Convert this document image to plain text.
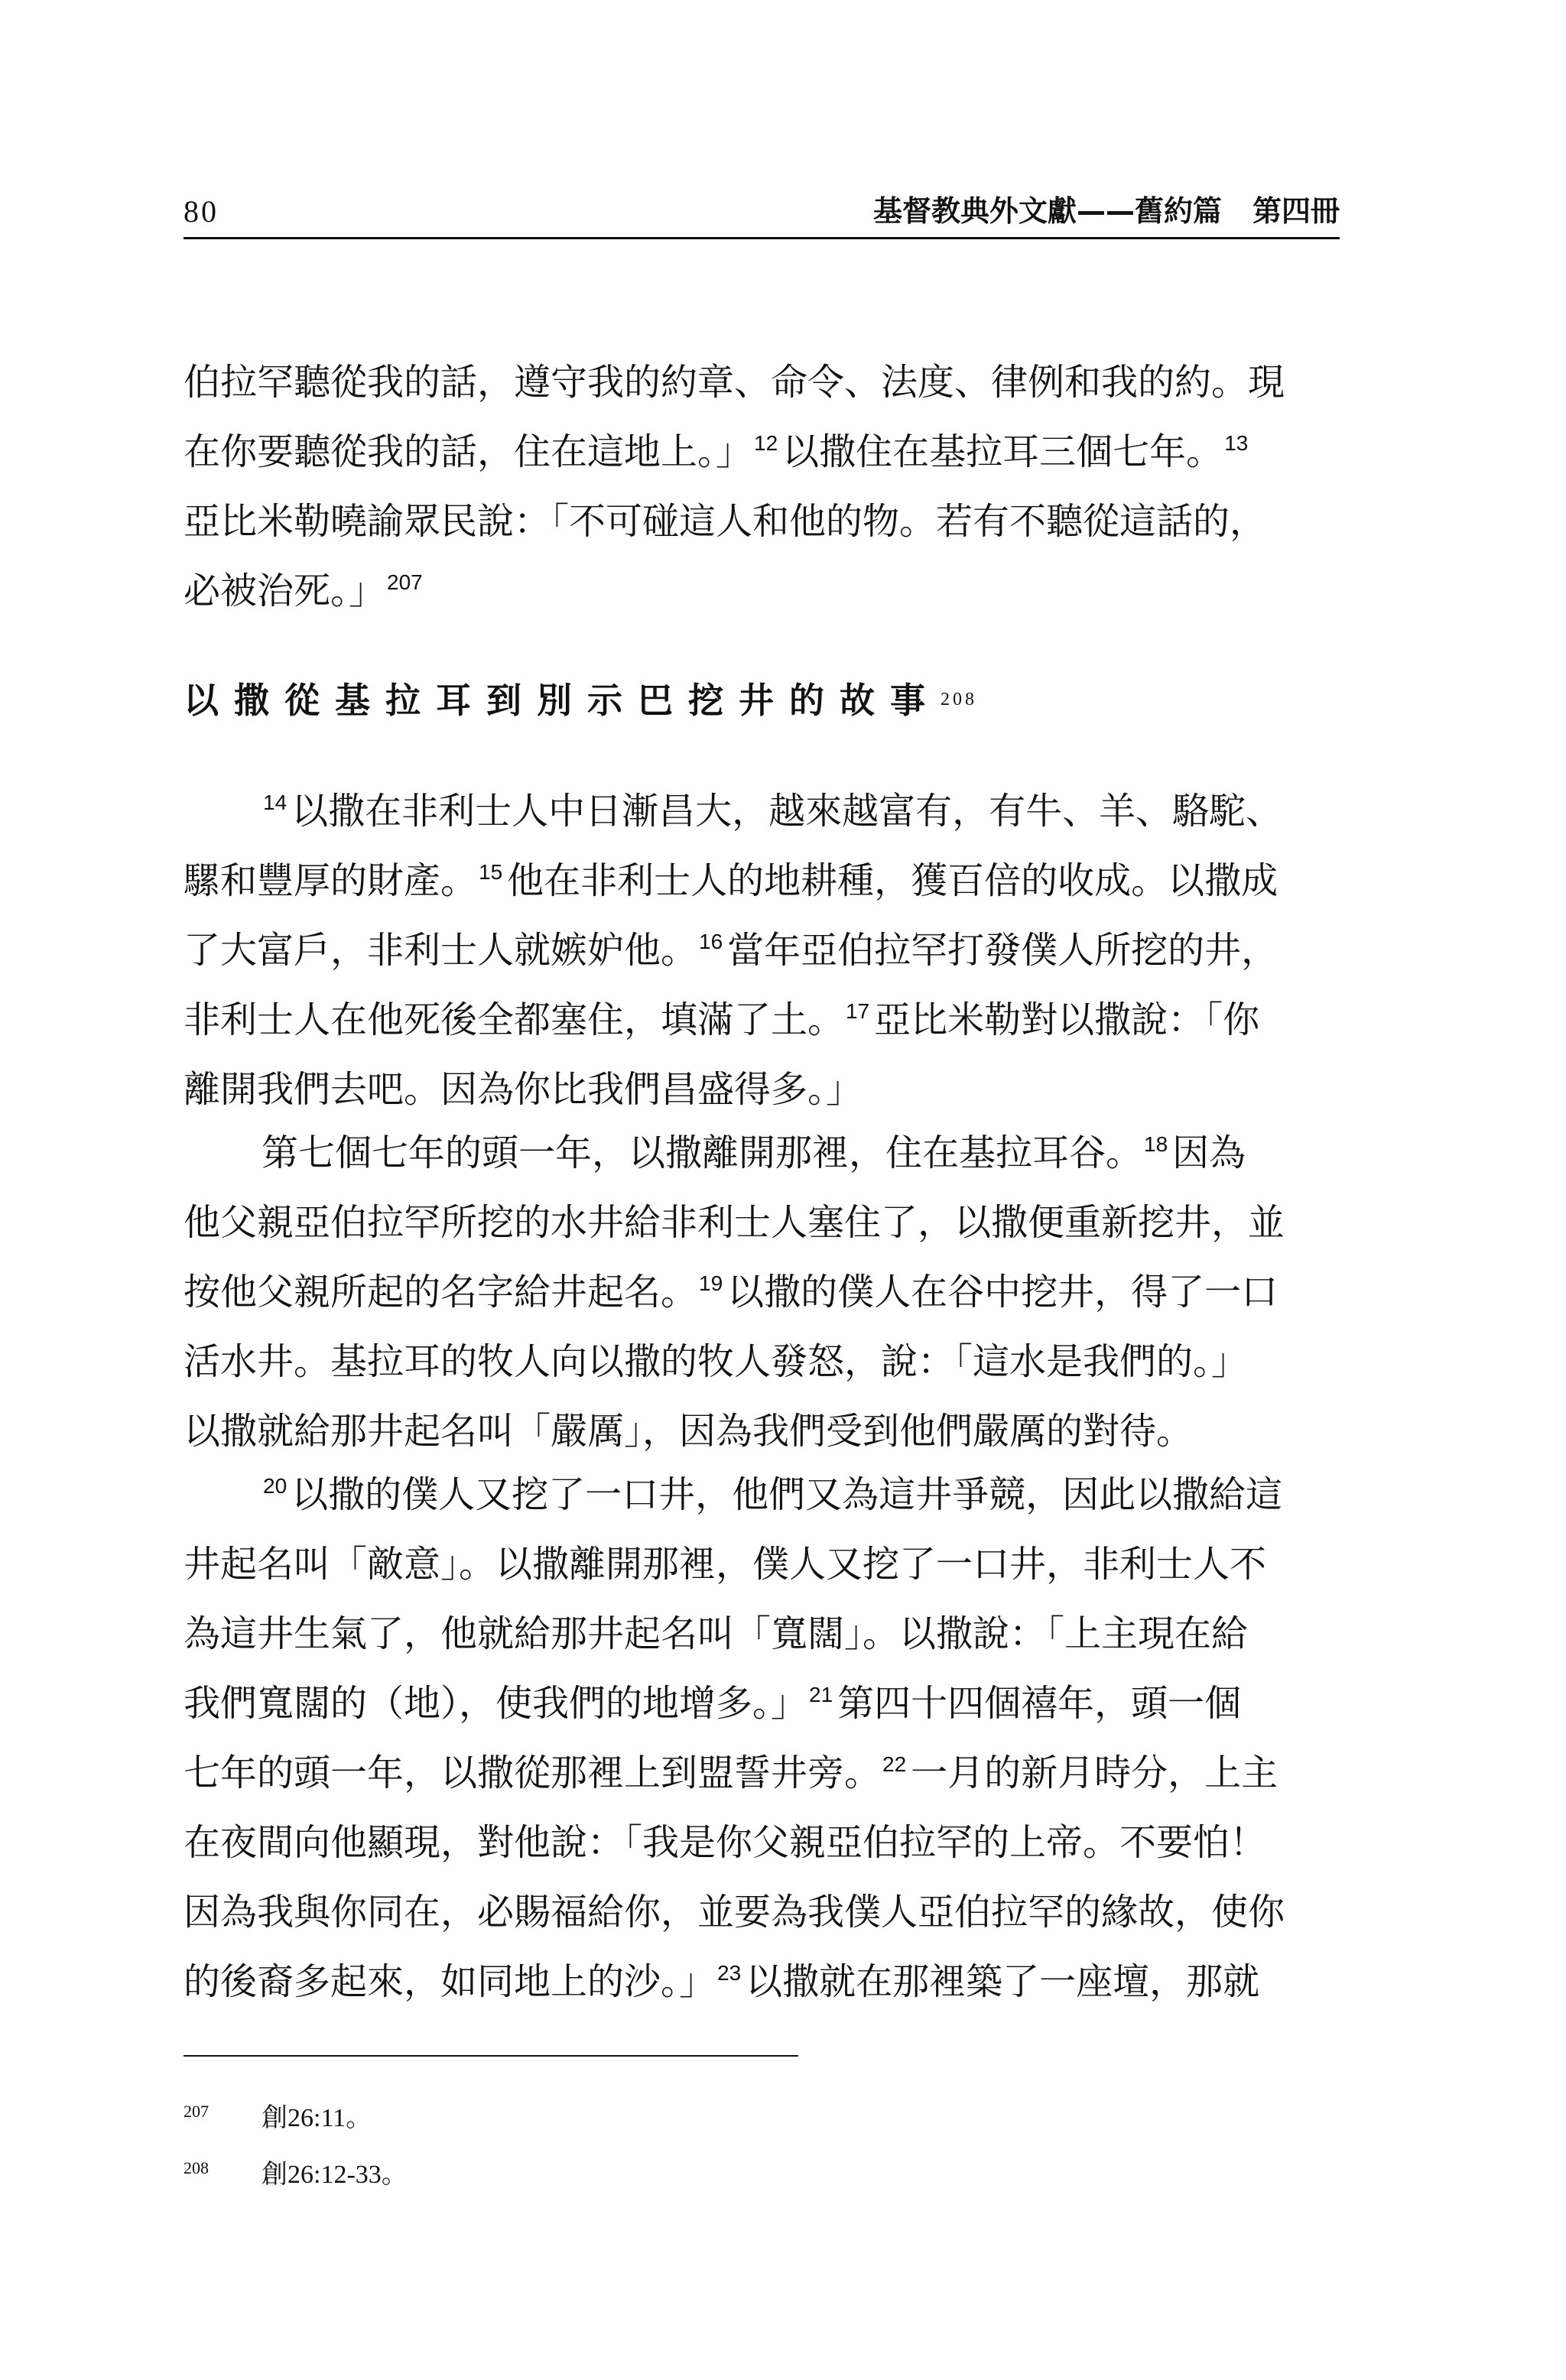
80	基督教典外文獻——舊約篇 第四冊
伯拉罕聽從我的話，遵守我的約章、命令、法度、律例和我的約。現
在你要聽從我的話，住在這地上。」$^{12}$ 以撒住在基拉耳三個七年。$^{13}$
亞比米勒曉諭眾民說：「不可碰這人和他的物。若有不聽從這話的，
必被治死。」$^{207}$
以撒從基拉耳到別示巴挖井的故事$^{208}$
$^{14}$ 以撒在非利士人中日漸昌大，越來越富有，有牛、羊、駱駝、
騾和豐厚的財產。$^{15}$ 他在非利士人的地耕種，獲百倍的收成。以撒成
了大富戶，非利士人就嫉妒他。$^{16}$ 當年亞伯拉罕打發僕人所挖的井，
非利士人在他死後全都塞住，填滿了土。$^{17}$ 亞比米勒對以撒說：「你
離開我們去吧。因為你比我們昌盛得多。」
第七個七年的頭一年，以撒離開那裡，住在基拉耳谷。$^{18}$ 因為
他父親亞伯拉罕所挖的水井給非利士人塞住了，以撒便重新挖井，並
按他父親所起的名字給井起名。$^{19}$ 以撒的僕人在谷中挖井，得了一口
活水井。基拉耳的牧人向以撒的牧人發怒，說：「這水是我們的。」
以撒就給那井起名叫「嚴厲」，因為我們受到他們嚴厲的對待。
$^{20}$ 以撒的僕人又挖了一口井，他們又為這井爭競，因此以撒給這
井起名叫「敵意」。以撒離開那裡，僕人又挖了一口井，非利士人不
為這井生氣了，他就給那井起名叫「寬闊」。以撒說：「上主現在給
我們寬闊的（地），使我們的地增多。」$^{21}$ 第四十四個禧年，頭一個
七年的頭一年，以撒從那裡上到盟誓井旁。$^{22}$ 一月的新月時分，上主
在夜間向他顯現，對他說：「我是你父親亞伯拉罕的上帝。不要怕！
因為我與你同在，必賜福給你，並要為我僕人亞伯拉罕的緣故，使你
的後裔多起來，如同地上的沙。」$^{23}$ 以撒就在那裡築了一座壇，那就
207 創26:11。
208 創26:12-33。
